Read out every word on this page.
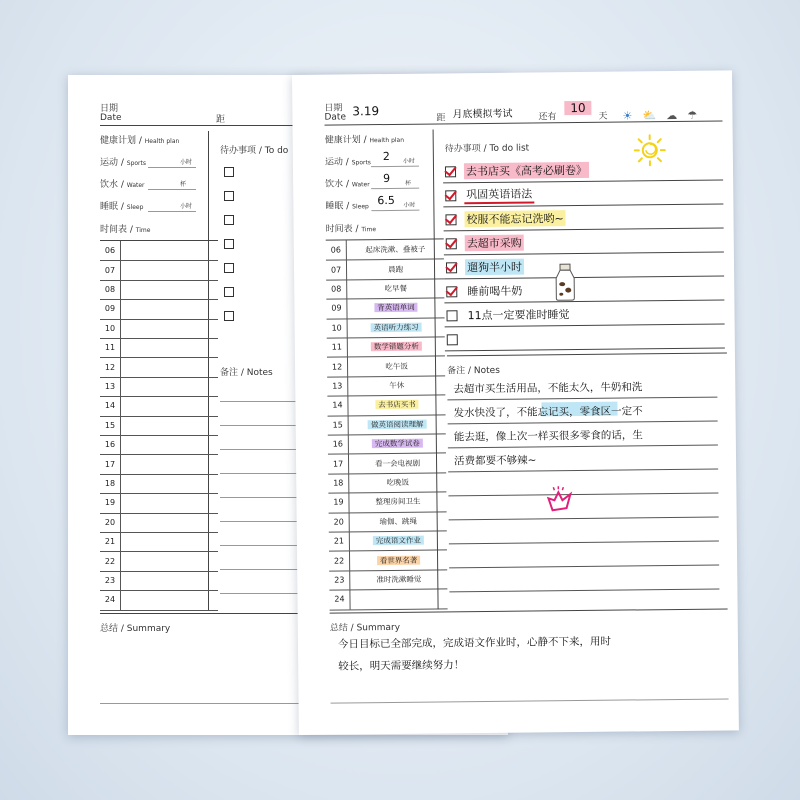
日期
Date	距
健康计划 / Health plan
运动 / Sports	小时
饮水 / Water	杯
睡眠 / Sleep	小时
时间表 / Time
待办事项 / To do
备注 / Notes
06
07
08
09
10
11
12
13
14
15
16
17
18
19
20
21
22
23
24
总结 / Summary
日期
Date 3.19
距 月底模拟考试	还有
10
天 ☀ ⛅ ☁ ☂
健康计划 / Health plan
运动 / Sports 2 小时
饮水 / Water 9 杯
睡眠 / Sleep 6.5 小时
时间表 / Time
06	起床洗漱、叠被子
07	晨跑
08	吃早餐
09	背英语单词
10	英语听力练习
11	数学错题分析
12	吃午饭
13	午休
14	去书店买书
15	做英语阅读理解
16	完成数学试卷
17	看一会电视剧
18	吃晚饭
19	整理房间卫生
20	瑜伽、跳绳
21	完成语文作业
22	看世界名著
23	准时洗漱睡觉
24
待办事项 / To do list
去书店买《高考必刷卷》
巩固英语语法
校服不能忘记洗哟~
去超市采购
遛狗半小时
睡前喝牛奶
11点一定要准时睡觉
备注 / Notes
去超市买生活用品，不能太久，牛奶和洗
发水快没了，不能忘记买，零食区一定不
能去逛，像上次一样买很多零食的话，生
活费都要不够辣~
总结 / Summary
今日目标已全部完成，完成语文作业时，心静不下来，用时
较长，明天需要继续努力！
